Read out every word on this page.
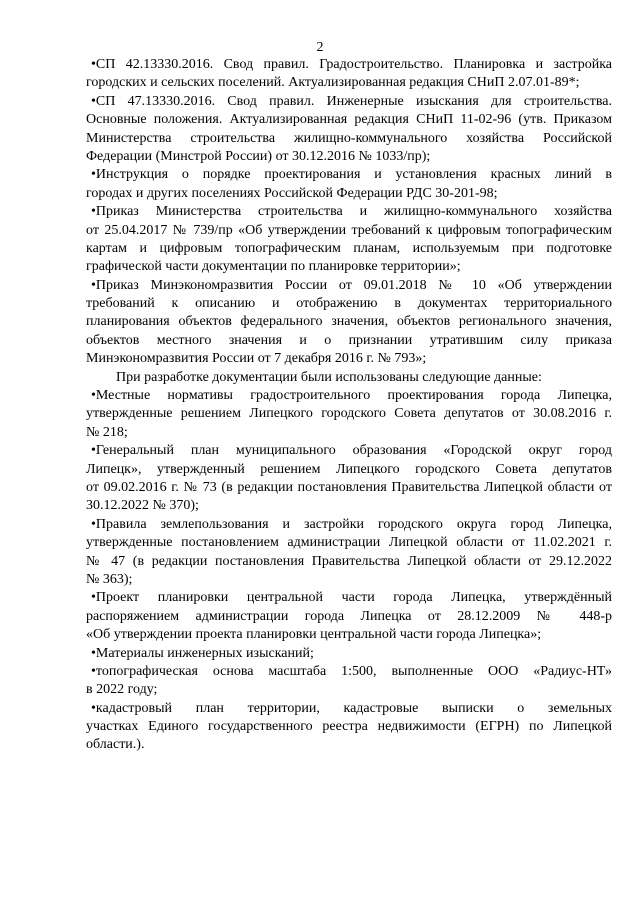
2
•СП 42.13330.2016. Свод правил. Градостроительство. Планировка и застройка
городских и сельских поселений. Актуализированная редакция СНиП 2.07.01-89*;
•СП 47.13330.2016. Свод правил. Инженерные изыскания для строительства.
Основные положения. Актуализированная редакция СНиП 11-02-96 (утв. Приказом
Министерства строительства жилищно-коммунального хозяйства Российской
Федерации (Минстрой России) от 30.12.2016 № 1033/пр);
•Инструкция о порядке проектирования и установления красных линий в
городах и других поселениях Российской Федерации РДС 30-201-98;
•Приказ Министерства строительства и жилищно-коммунального хозяйства
от 25.04.2017 № 739/пр «Об утверждении требований к цифровым топографическим
картам и цифровым топографическим планам, используемым при подготовке
графической части документации по планировке территории»;
•Приказ Минэкономразвития России от 09.01.2018 № 10 «Об утверждении
требований к описанию и отображению в документах территориального
планирования объектов федерального значения, объектов регионального значения,
объектов местного значения и о признании утратившим силу приказа
Минэкономразвития России от 7 декабря 2016 г. № 793»;
При разработке документации были использованы следующие данные:
•Местные нормативы градостроительного проектирования города Липецка,
утвержденные решением Липецкого городского Совета депутатов от 30.08.2016 г.
№ 218;
•Генеральный план муниципального образования «Городской округ город
Липецк», утвержденный решением Липецкого городского Совета депутатов
от 09.02.2016 г. № 73 (в редакции постановления Правительства Липецкой области от
30.12.2022 № 370);
•Правила землепользования и застройки городского округа город Липецка,
утвержденные постановлением администрации Липецкой области от 11.02.2021 г.
№ 47 (в редакции постановления Правительства Липецкой области от 29.12.2022
№ 363);
•Проект планировки центральной части города Липецка, утверждённый
распоряжением администрации города Липецка от 28.12.2009 № 448-р
«Об утверждении проекта планировки центральной части города Липецка»;
•Материалы инженерных изысканий;
•топографическая основа масштаба 1:500, выполненные ООО «Радиус-НТ»
в 2022 году;
•кадастровый план территории, кадастровые выписки о земельных
участках Единого государственного реестра недвижимости (ЕГРН) по Липецкой
области.).
